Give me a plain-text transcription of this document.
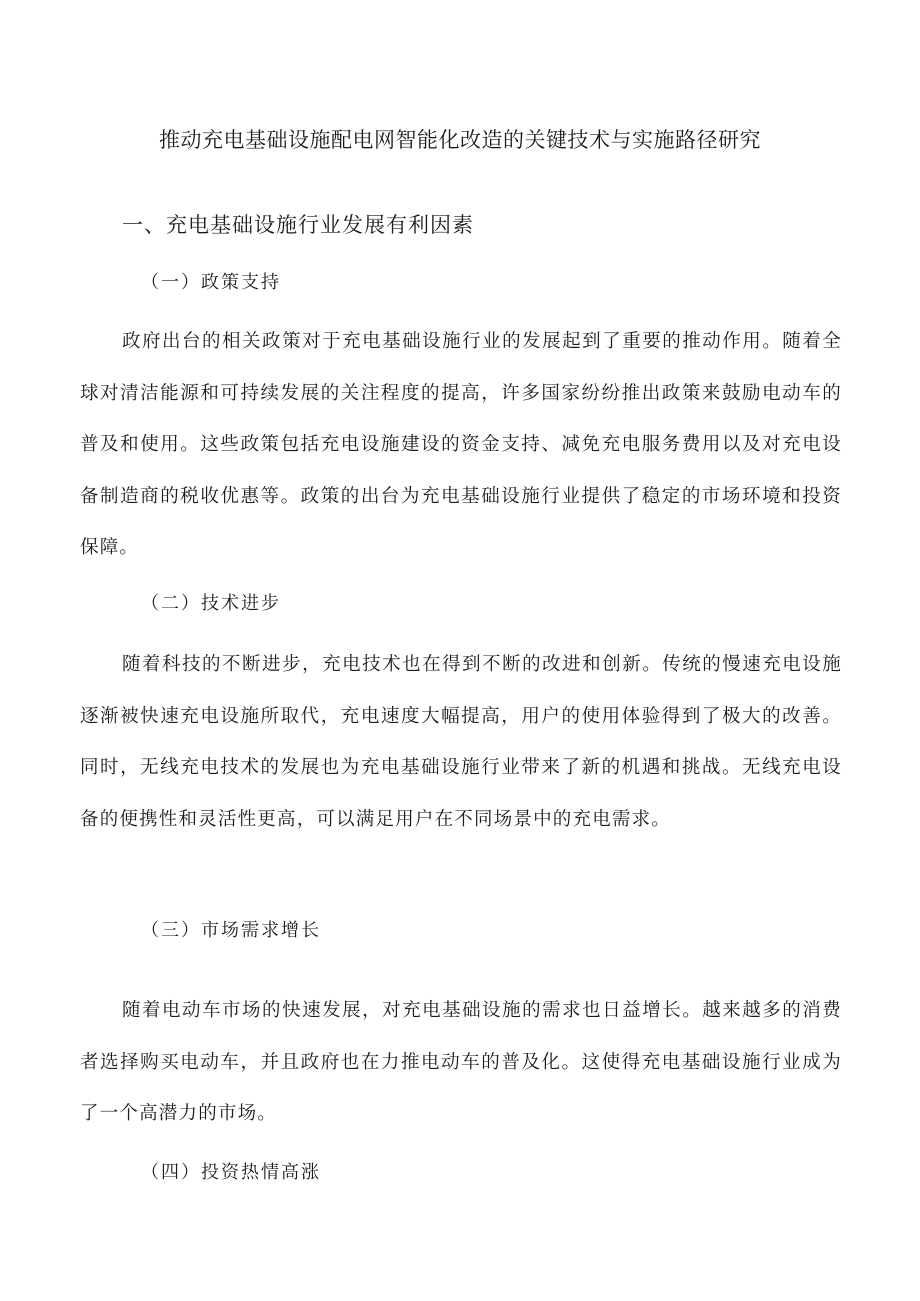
推动充电基础设施配电网智能化改造的关键技术与实施路径研究
一、充电基础设施行业发展有利因素
（一）政策支持

政府出台的相关政策对于充电基础设施行业的发展起到了重要的推动作用。随着全球对清洁能源和可持续发展的关注程度的提高，许多国家纷纷推出政策来鼓励电动车的普及和使用。这些政策包括充电设施建设的资金支持、减免充电服务费用以及对充电设备制造商的税收优惠等。政策的出台为充电基础设施行业提供了稳定的市场环境和投资保障。

（二）技术进步

随着科技的不断进步，充电技术也在得到不断的改进和创新。传统的慢速充电设施逐渐被快速充电设施所取代，充电速度大幅提高，用户的使用体验得到了极大的改善。同时，无线充电技术的发展也为充电基础设施行业带来了新的机遇和挑战。无线充电设备的便携性和灵活性更高，可以满足用户在不同场景中的充电需求。

（三）市场需求增长

随着电动车市场的快速发展，对充电基础设施的需求也日益增长。越来越多的消费者选择购买电动车，并且政府也在力推电动车的普及化。这使得充电基础设施行业成为了一个高潜力的市场。

（四）投资热情高涨
